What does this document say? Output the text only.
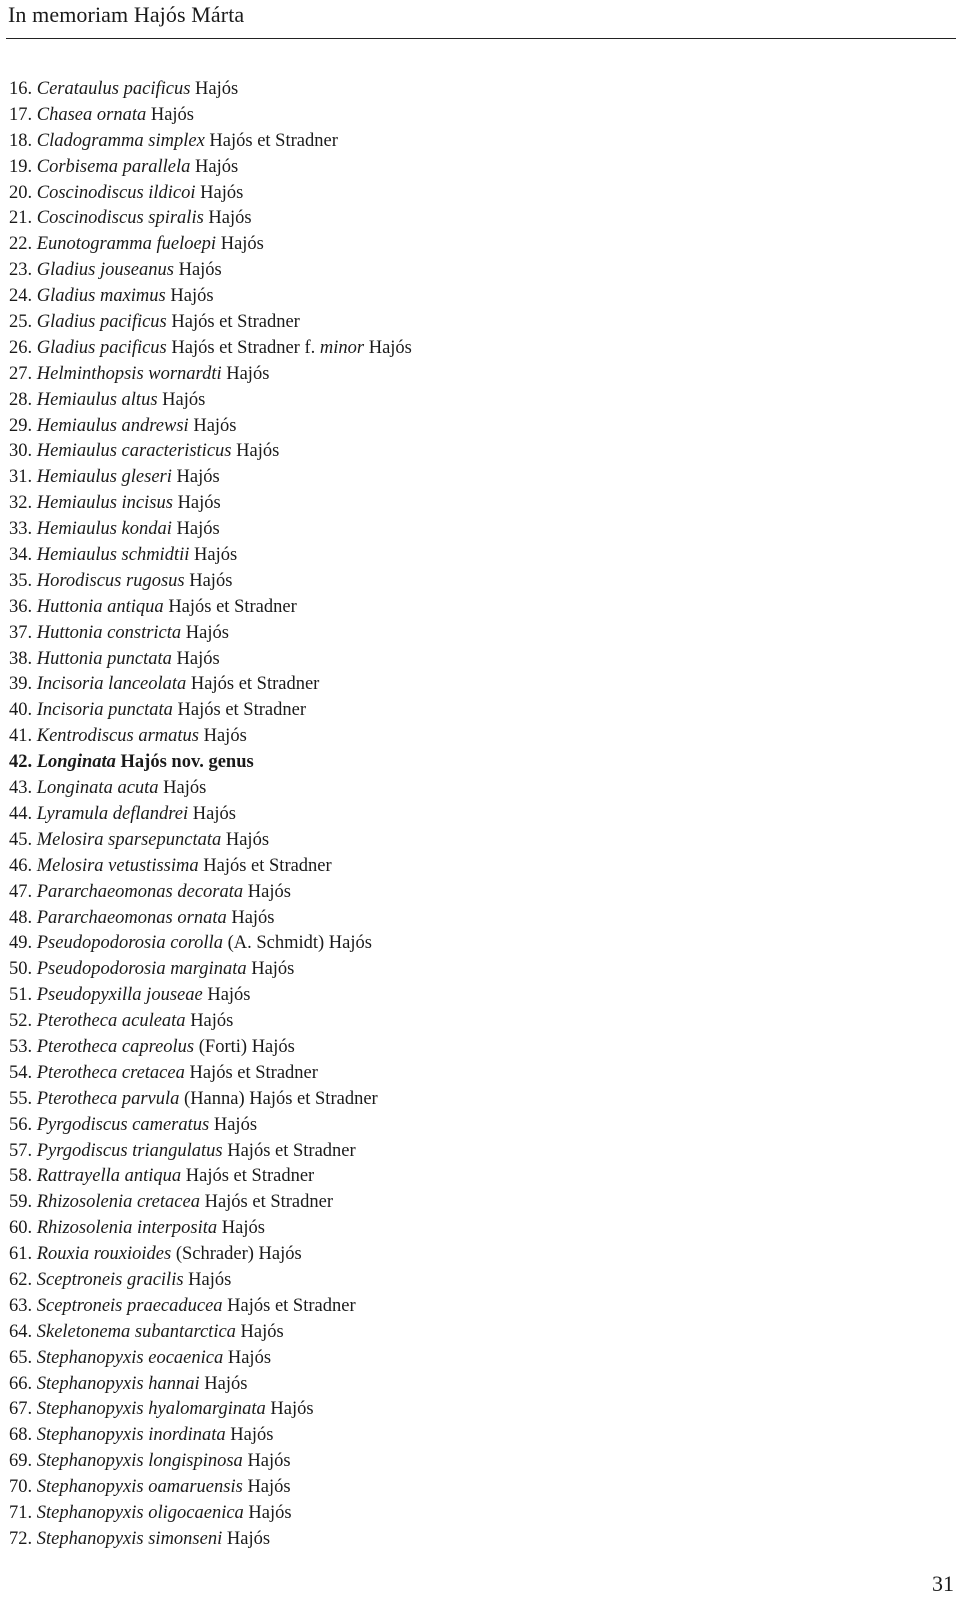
In memoriam Hajós Márta
16. Cerataulus pacificus Hajós
17. Chasea ornata Hajós
18. Cladogramma simplex Hajós et Stradner
19. Corbisema parallela Hajós
20. Coscinodiscus ildicoi Hajós
21. Coscinodiscus spiralis Hajós
22. Eunotogramma fueloepi Hajós
23. Gladius jouseanus Hajós
24. Gladius maximus Hajós
25. Gladius pacificus Hajós et Stradner
26. Gladius pacificus Hajós et Stradner f. minor Hajós
27. Helminthopsis wornardti Hajós
28. Hemiaulus altus Hajós
29. Hemiaulus andrewsi Hajós
30. Hemiaulus caracteristicus Hajós
31. Hemiaulus gleseri Hajós
32. Hemiaulus incisus Hajós
33. Hemiaulus kondai Hajós
34. Hemiaulus schmidtii Hajós
35. Horodiscus rugosus Hajós
36. Huttonia antiqua Hajós et Stradner
37. Huttonia constricta Hajós
38. Huttonia punctata Hajós
39. Incisoria lanceolata Hajós et Stradner
40. Incisoria punctata Hajós et Stradner
41. Kentrodiscus armatus Hajós
42. Longinata Hajós nov. genus
43. Longinata acuta Hajós
44. Lyramula deflandrei Hajós
45. Melosira sparsepunctata Hajós
46. Melosira vetustissima Hajós et Stradner
47. Pararchaeomonas decorata Hajós
48. Pararchaeomonas ornata Hajós
49. Pseudopodorosia corolla (A. Schmidt) Hajós
50. Pseudopodorosia marginata Hajós
51. Pseudopyxilla jouseae Hajós
52. Pterotheca aculeata Hajós
53. Pterotheca capreolus (Forti) Hajós
54. Pterotheca cretacea Hajós et Stradner
55. Pterotheca parvula (Hanna) Hajós et Stradner
56. Pyrgodiscus cameratus Hajós
57. Pyrgodiscus triangulatus Hajós et Stradner
58. Rattrayella antiqua Hajós et Stradner
59. Rhizosolenia cretacea Hajós et Stradner
60. Rhizosolenia interposita Hajós
61. Rouxia rouxioides (Schrader) Hajós
62. Sceptroneis gracilis Hajós
63. Sceptroneis praecaducea Hajós et Stradner
64. Skeletonema subantarctica Hajós
65. Stephanopyxis eocaenica Hajós
66. Stephanopyxis hannai Hajós
67. Stephanopyxis hyalomarginata Hajós
68. Stephanopyxis inordinata Hajós
69. Stephanopyxis longispinosa Hajós
70. Stephanopyxis oamaruensis Hajós
71. Stephanopyxis oligocaenica Hajós
72. Stephanopyxis simonseni Hajós
31
